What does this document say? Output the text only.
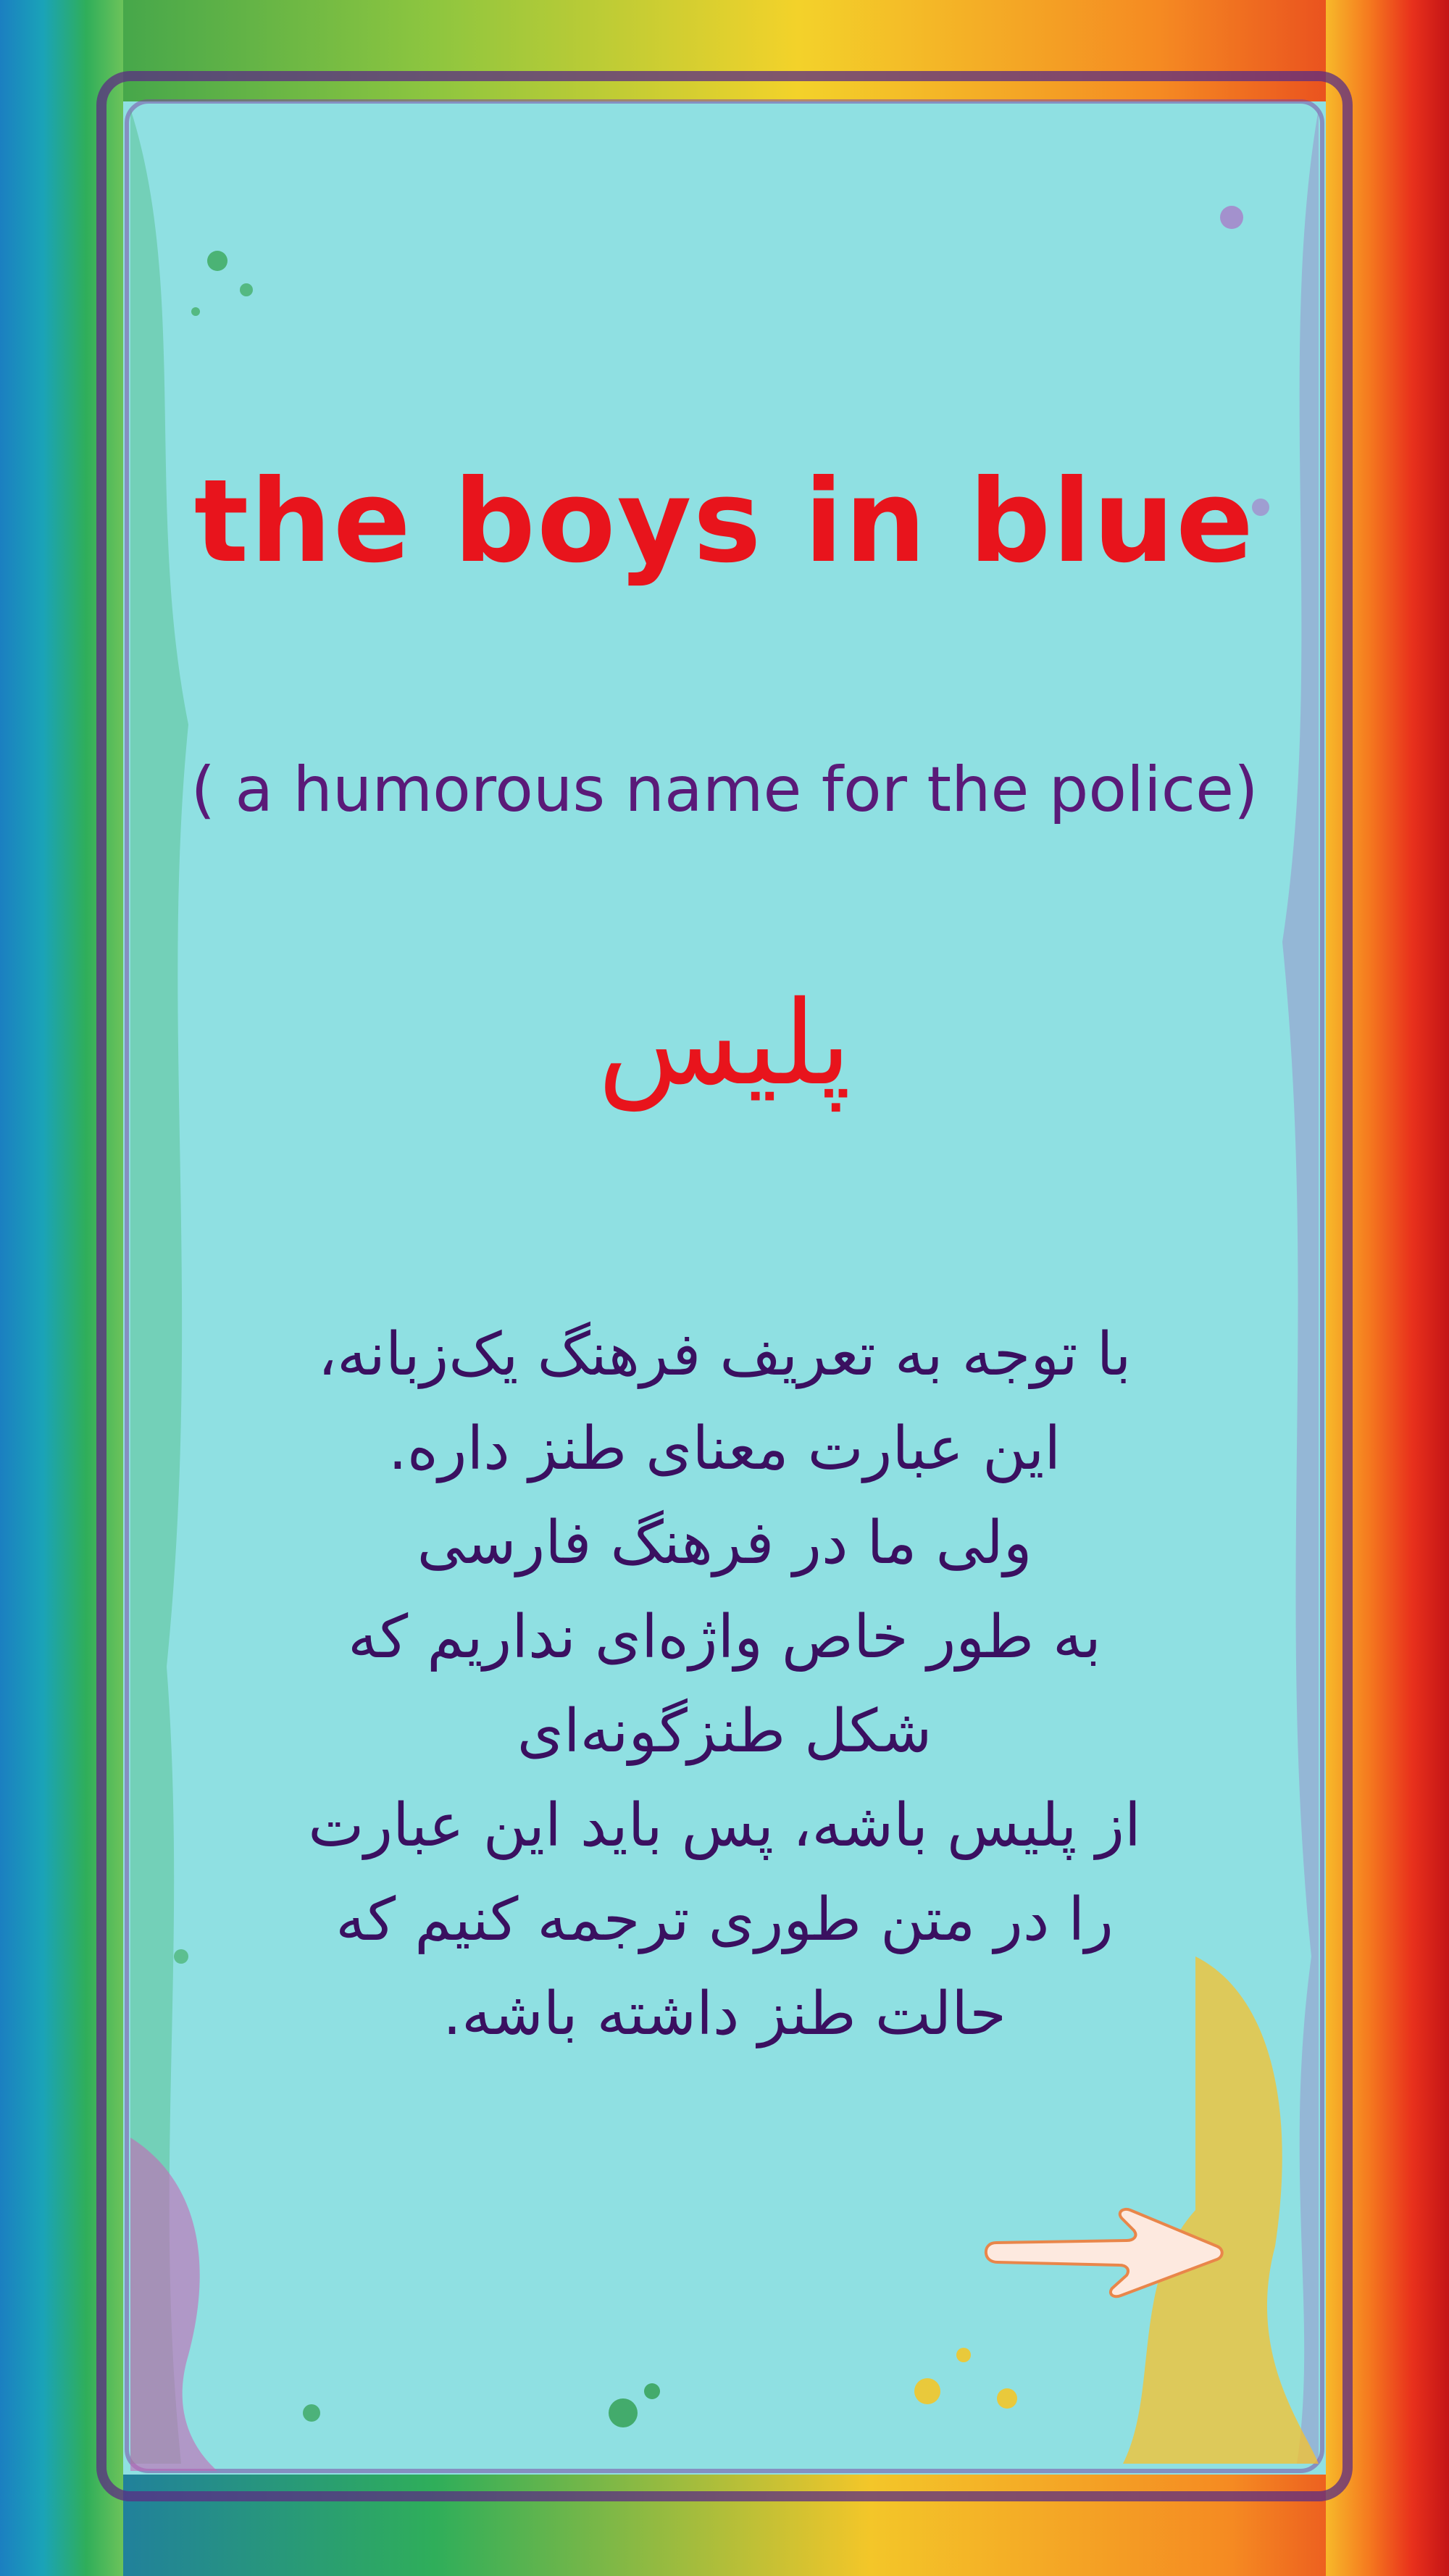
the boys in blue

( a humorous name for the police)

پلیس

با توجه به تعریف فرهنگ یک‌زبانه،
این عبارت معنای طنز داره.
ولی ما در فرهنگ فارسی
به طور خاص واژه‌ای نداریم که
شکل طنزگونه‌ای
از پلیس باشه، پس باید این عبارت
را در متن طوری ترجمه کنیم که
حالت طنز داشته باشه.
